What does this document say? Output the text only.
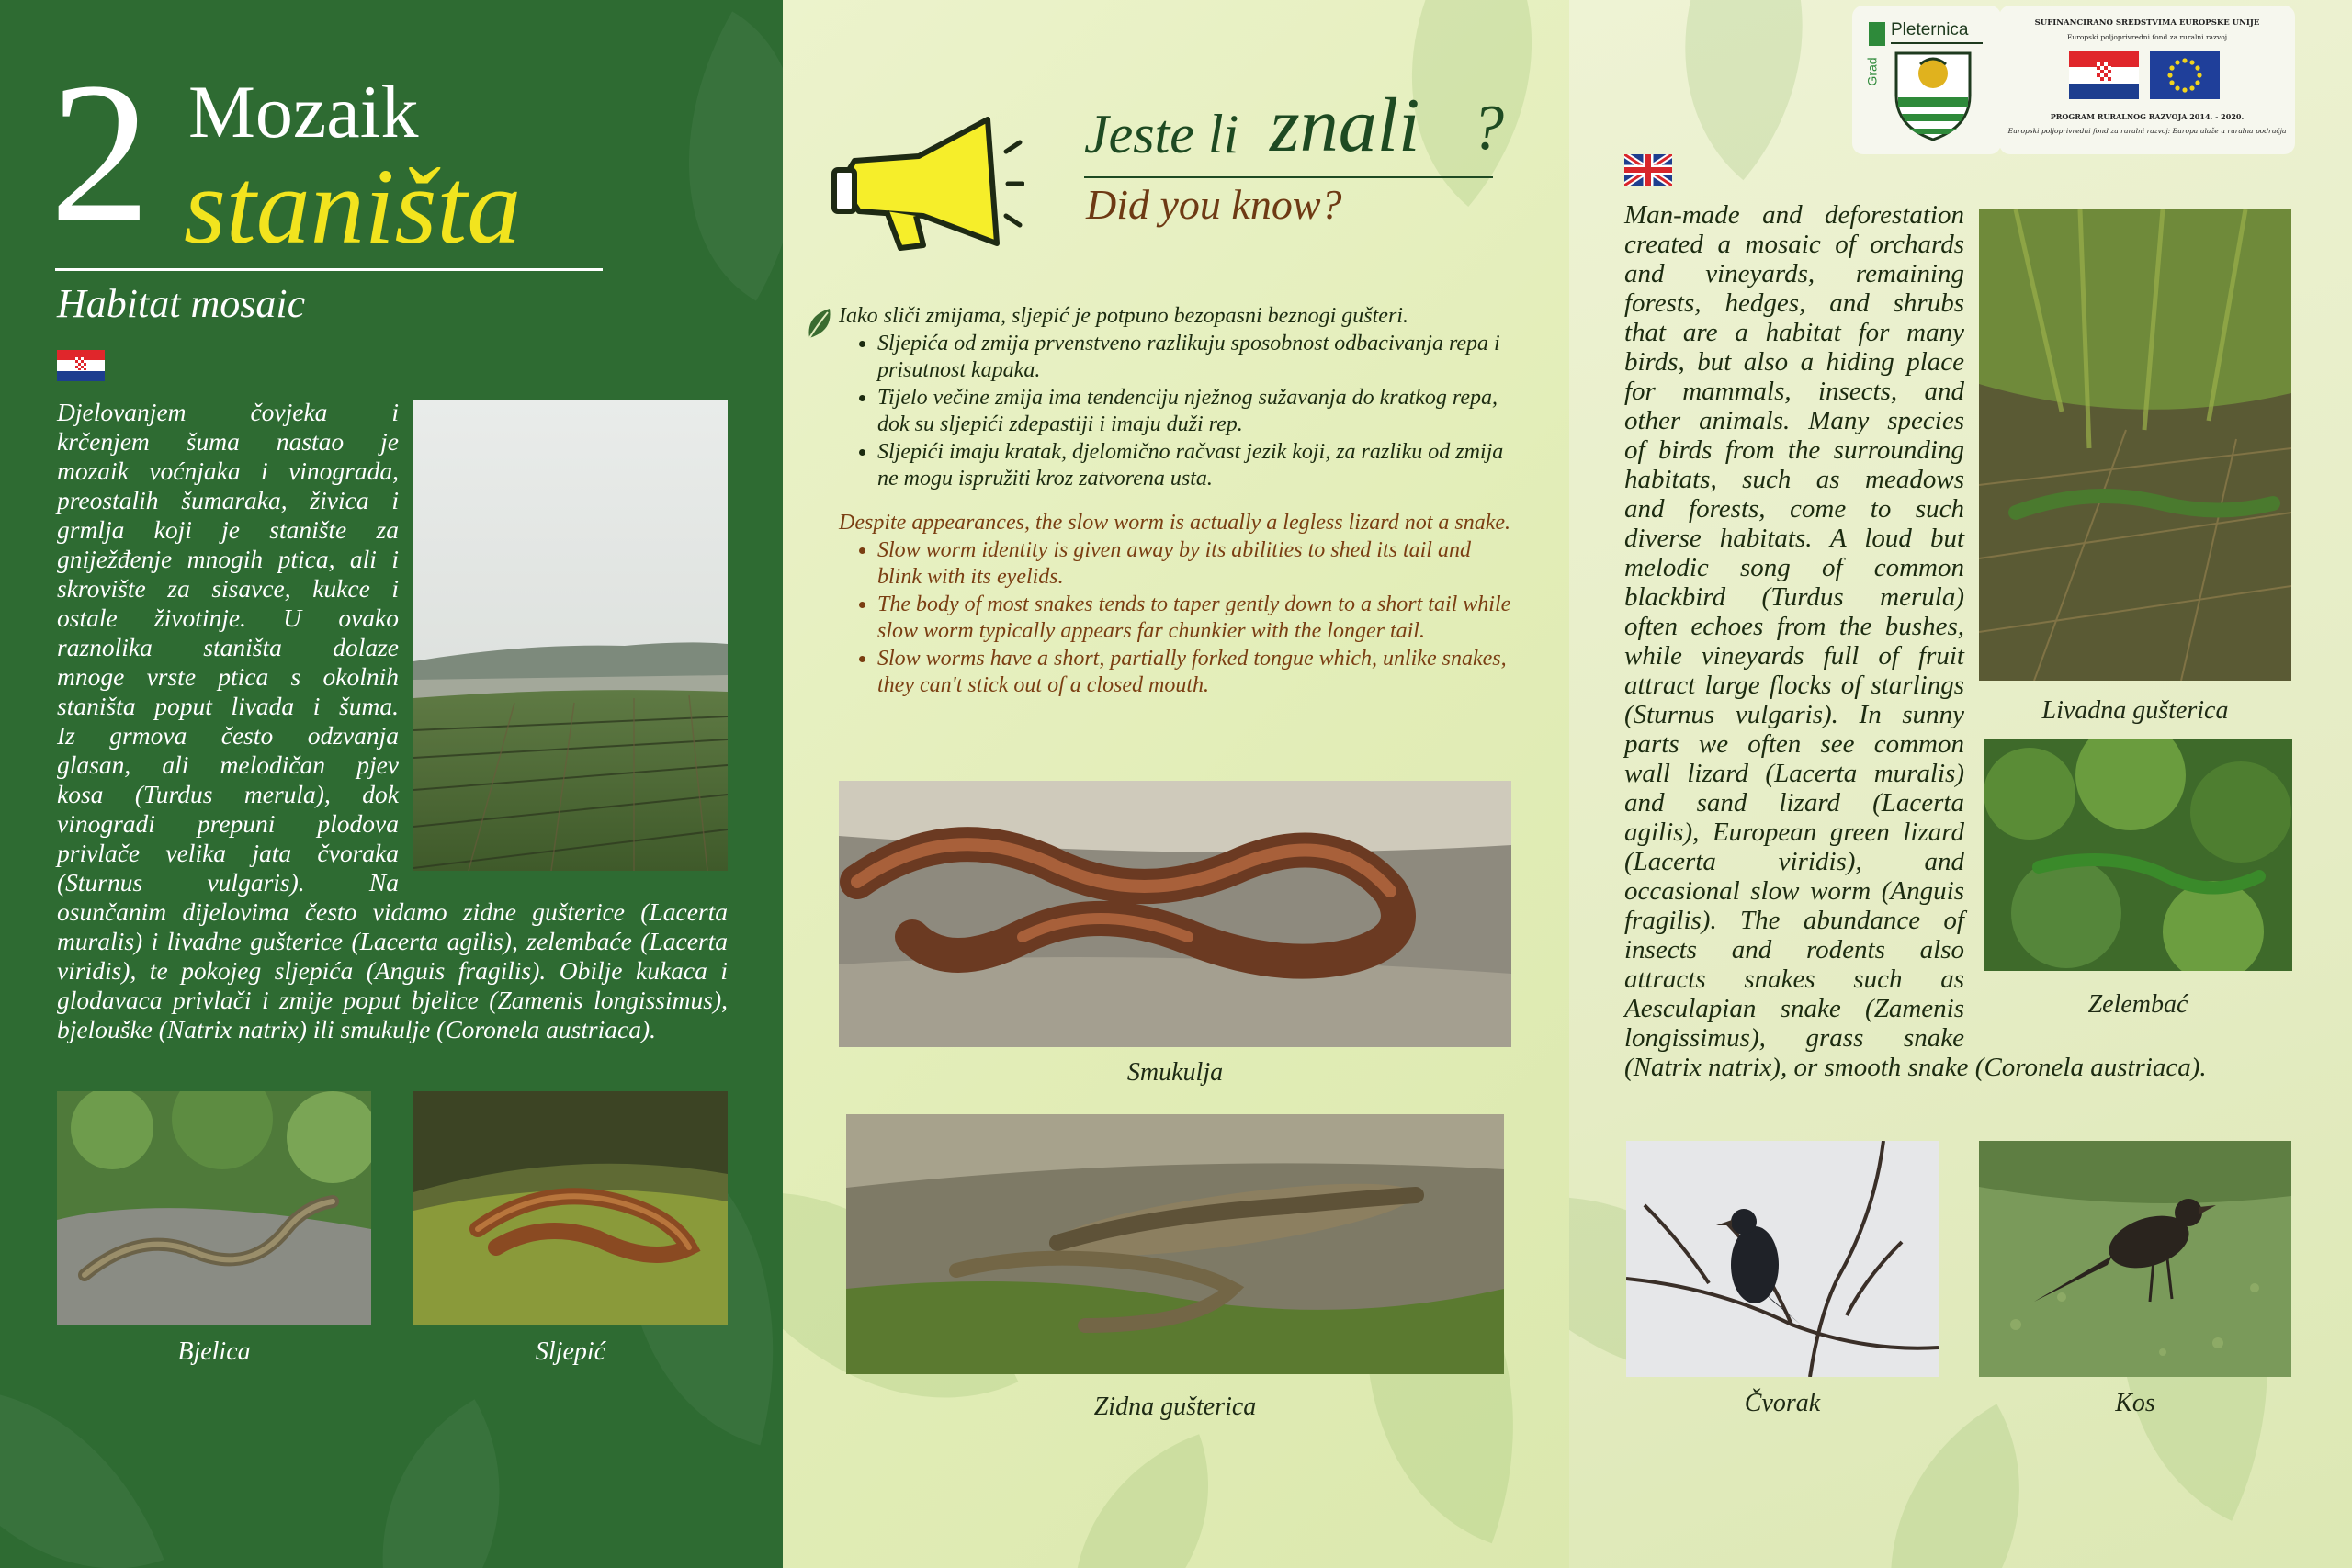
2 Mozaik
staništa
Habitat mosaic
Djelovanjem čovjeka i
krčenjem šuma nastao je
mozaik voćnjaka i vinograda,
preostalih šumaraka, živica i
grmlja koji je stanište za
gniježđenje mnogih ptica, ali i
skrovište za sisavce, kukce i
ostale životinje. U ovako
raznolika staništa dolaze
mnoge vrste ptica s okolnih
staništa poput livada i šuma.
Iz grmova često odzvanja
glasan, ali melodičan pjev
kosa (Turdus merula), dok
vinogradi prepuni plodova
privlače velika jata čvoraka
(Sturnus vulgaris). Na
osunčanim dijelovima često vidamo zidne gušterice (Lacerta muralis) i livadne gušterice (Lacerta agilis), zelembaće (Lacerta viridis), te pokojeg sljepića (Anguis fragilis). Obilje kukaca i glodavaca privlači i zmije poput bjelice (Zamenis longissimus), bjelouške (Natrix natrix) ili smukulje (Coronela austriaca).
Bjelica	Sljepić
Jeste li znali ?
Did you know?
Iako sliči zmijama, sljepić je potpuno bezopasni beznogi gušteri.
• Sljepića od zmija prvenstveno razlikuju sposobnost odbacivanja repa i prisutnost kapaka.
• Tijelo večine zmija ima tendenciju nježnog sužavanja do kratkog repa, dok su sljepići zdepastiji i imaju duži rep.
• Sljepići imaju kratak, djelomično račvast jezik koji, za razliku od zmija ne mogu ispružiti kroz zatvorena usta.
Despite appearances, the slow worm is actually a legless lizard not a snake.
• Slow worm identity is given away by its abilities to shed its tail and blink with its eyelids.
• The body of most snakes tends to taper gently down to a short tail while slow worm typically appears far chunkier with the longer tail.
• Slow worms have a short, partially forked tongue which, unlike snakes, they can't stick out of a closed mouth.
Smukulja
Zidna gušterica
Grad
Pleternica	SUFINANCIRANO SREDSTVIMA EUROPSKE UNIJE
Europski poljoprivredni fond za ruralni razvoj
PROGRAM RURALNOG RAZVOJA 2014. - 2020.
Europski poljoprivredni fond za ruralni razvoj: Europa ulaže u ruralna područja
Man-made and deforestation
created a mosaic of orchards
and vineyards, remaining
forests, hedges, and shrubs
that are a habitat for many
birds, but also a hiding place
for mammals, insects, and
other animals. Many species
of birds from the surrounding
habitats, such as meadows
and forests, come to such
diverse habitats. A loud but
melodic song of common
blackbird (Turdus merula)
often echoes from the bushes,
while vineyards full of fruit
attract large flocks of starlings
(Sturnus vulgaris). In sunny
parts we often see common
wall lizard (Lacerta muralis)
and sand lizard (Lacerta
agilis), European green lizard
(Lacerta viridis), and
occasional slow worm (Anguis
fragilis). The abundance of
insects and rodents also
attracts snakes such as
Aesculapian snake (Zamenis
longissimus), grass snake
(Natrix natrix), or smooth snake (Coronela austriaca).
Livadna gušterica
Zelembać
Čvorak	Kos
